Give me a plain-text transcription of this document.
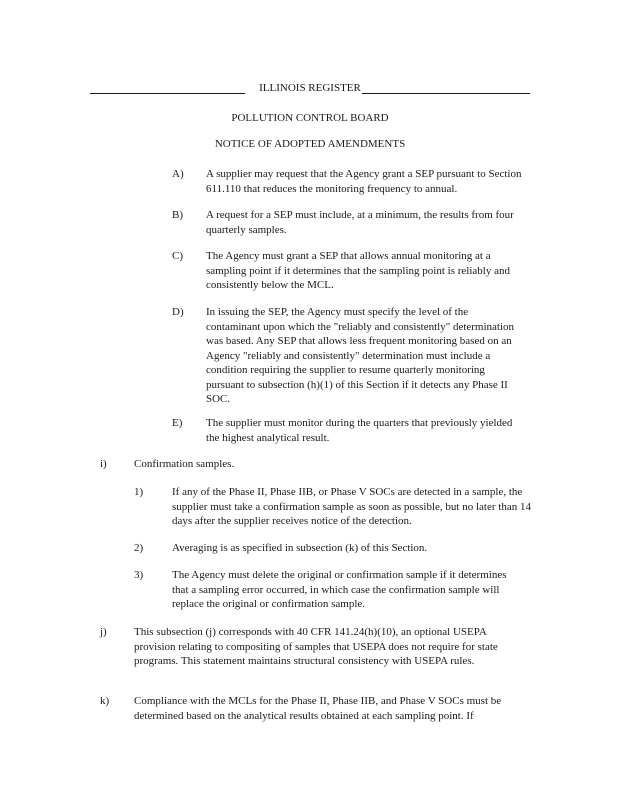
ILLINOIS REGISTER
POLLUTION CONTROL BOARD
NOTICE OF ADOPTED AMENDMENTS
A) A supplier may request that the Agency grant a SEP pursuant to Section 611.110 that reduces the monitoring frequency to annual.
B) A request for a SEP must include, at a minimum, the results from four quarterly samples.
C) The Agency must grant a SEP that allows annual monitoring at a sampling point if it determines that the sampling point is reliably and consistently below the MCL.
D) In issuing the SEP, the Agency must specify the level of the contaminant upon which the "reliably and consistently" determination was based. Any SEP that allows less frequent monitoring based on an Agency "reliably and consistently" determination must include a condition requiring the supplier to resume quarterly monitoring pursuant to subsection (h)(1) of this Section if it detects any Phase II SOC.
E) The supplier must monitor during the quarters that previously yielded the highest analytical result.
i) Confirmation samples.
1)	If any of the Phase II, Phase IIB, or Phase V SOCs are detected in a sample, the supplier must take a confirmation sample as soon as possible, but no later than 14 days after the supplier receives notice of the detection.
2)	Averaging is as specified in subsection (k) of this Section.
3)	The Agency must delete the original or confirmation sample if it determines that a sampling error occurred, in which case the confirmation sample will replace the original or confirmation sample.
j) This subsection (j) corresponds with 40 CFR 141.24(h)(10), an optional USEPA provision relating to compositing of samples that USEPA does not require for state programs. This statement maintains structural consistency with USEPA rules.
k) Compliance with the MCLs for the Phase II, Phase IIB, and Phase V SOCs must be determined based on the analytical results obtained at each sampling point. If
